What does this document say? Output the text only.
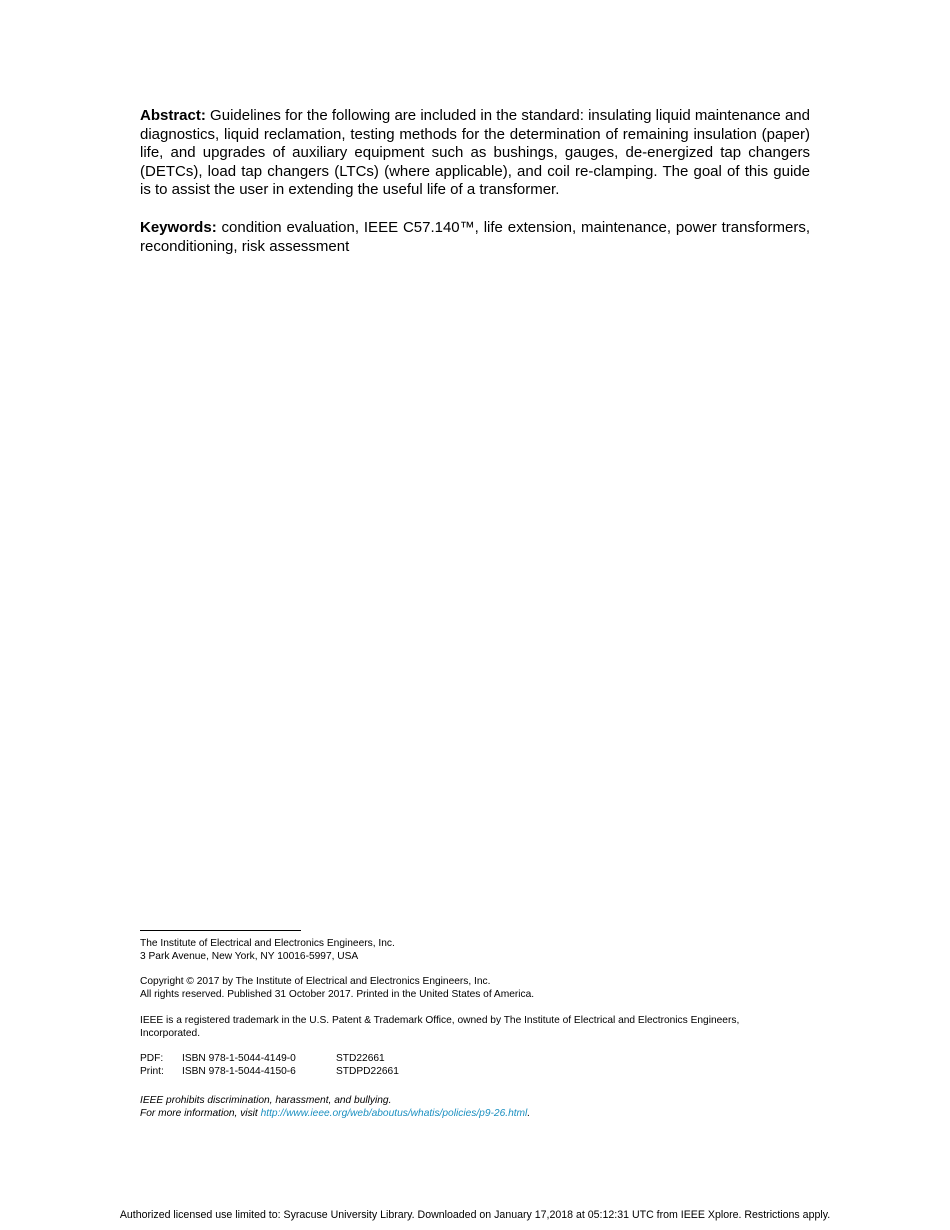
Abstract: Guidelines for the following are included in the standard: insulating liquid maintenance and diagnostics, liquid reclamation, testing methods for the determination of remaining insulation (paper) life, and upgrades of auxiliary equipment such as bushings, gauges, de-energized tap changers (DETCs), load tap changers (LTCs) (where applicable), and coil re-clamping. The goal of this guide is to assist the user in extending the useful life of a transformer.

Keywords: condition evaluation, IEEE C57.140™, life extension, maintenance, power transformers, reconditioning, risk assessment

The Institute of Electrical and Electronics Engineers, Inc.
3 Park Avenue, New York, NY 10016-5997, USA
Copyright © 2017 by The Institute of Electrical and Electronics Engineers, Inc.
All rights reserved. Published 31 October 2017. Printed in the United States of America.
IEEE is a registered trademark in the U.S. Patent & Trademark Office, owned by The Institute of Electrical and Electronics Engineers,
Incorporated.
PDF:	ISBN 978-1-5044-4149-0	STD22661
Print:	ISBN 978-1-5044-4150-6	STDPD22661
IEEE prohibits discrimination, harassment, and bullying.
For more information, visit http://www.ieee.org/web/aboutus/whatis/policies/p9-26.html.
Authorized licensed use limited to: Syracuse University Library. Downloaded on January 17,2018 at 05:12:31 UTC from IEEE Xplore. Restrictions apply.
